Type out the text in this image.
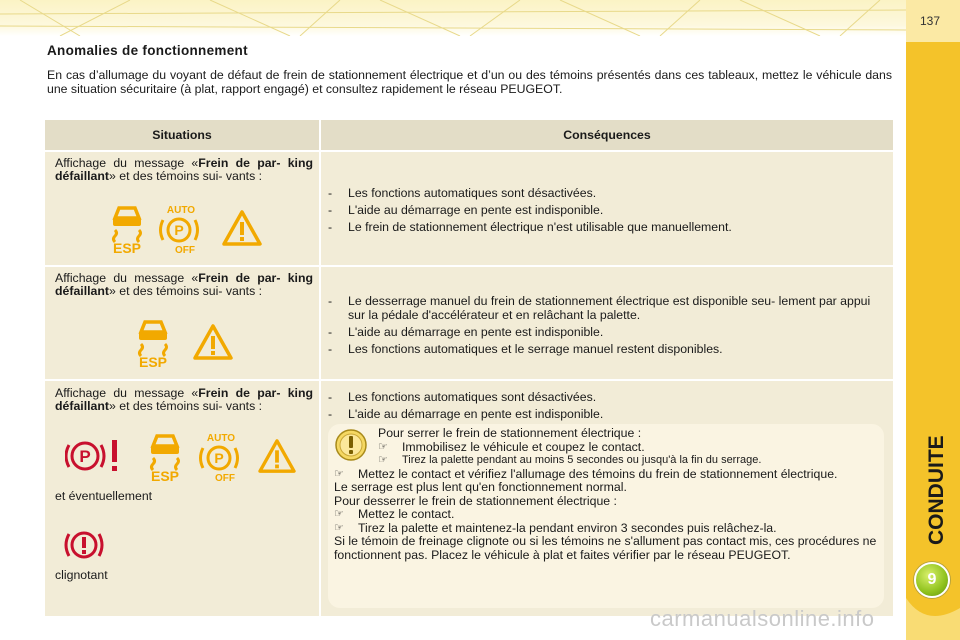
137
CONDUITE
9
Anomalies de fonctionnement
En cas d’allumage du voyant de défaut de frein de stationnement électrique et d’un ou des témoins présentés dans ces tableaux, mettez le véhicule dans une situation sécuritaire (à plat, rapport engagé) et consultez rapidement le réseau PEUGEOT.
Situations	Conséquences
Affichage du message «Frein de par- king défaillant» et des témoins sui- vants :
ESP
AUTO
P
OFF
- Les fonctions automatiques sont désactivées.
- L'aide au démarrage en pente est indisponible.
- Le frein de stationnement électrique n'est utilisable que manuellement.
Affichage du message «Frein de par- king défaillant» et des témoins sui- vants :
ESP
- Le desserrage manuel du frein de stationnement électrique est disponible seu- lement par appui sur la pédale d'accélérateur et en relâchant la palette.
- L'aide au démarrage en pente est indisponible.
- Les fonctions automatiques et le serrage manuel restent disponibles.
Affichage du message «Frein de par- king défaillant» et des témoins sui- vants :
P
ESP
AUTO
P
OFF
et éventuellement
clignotant
- Les fonctions automatiques sont désactivées.
- L'aide au démarrage en pente est indisponible.
Pour serrer le frein de stationnement électrique :
☞ Immobilisez le véhicule et coupez le contact.
☞ Tirez la palette pendant au moins 5 secondes ou jusqu'à la fin du serrage.
☞ Mettez le contact et vérifiez l'allumage des témoins du frein de stationnement électrique.
Le serrage est plus lent qu'en fonctionnement normal.
Pour desserrer le frein de stationnement électrique :
☞ Mettez le contact.
☞ Tirez la palette et maintenez-la pendant environ 3 secondes puis relâchez-la.
Si le témoin de freinage clignote ou si les témoins ne s'allument pas contact mis, ces procédures ne fonctionnent pas. Placez le véhicule à plat et faites vérifier par le réseau PEUGEOT.
carmanualsonline.info
